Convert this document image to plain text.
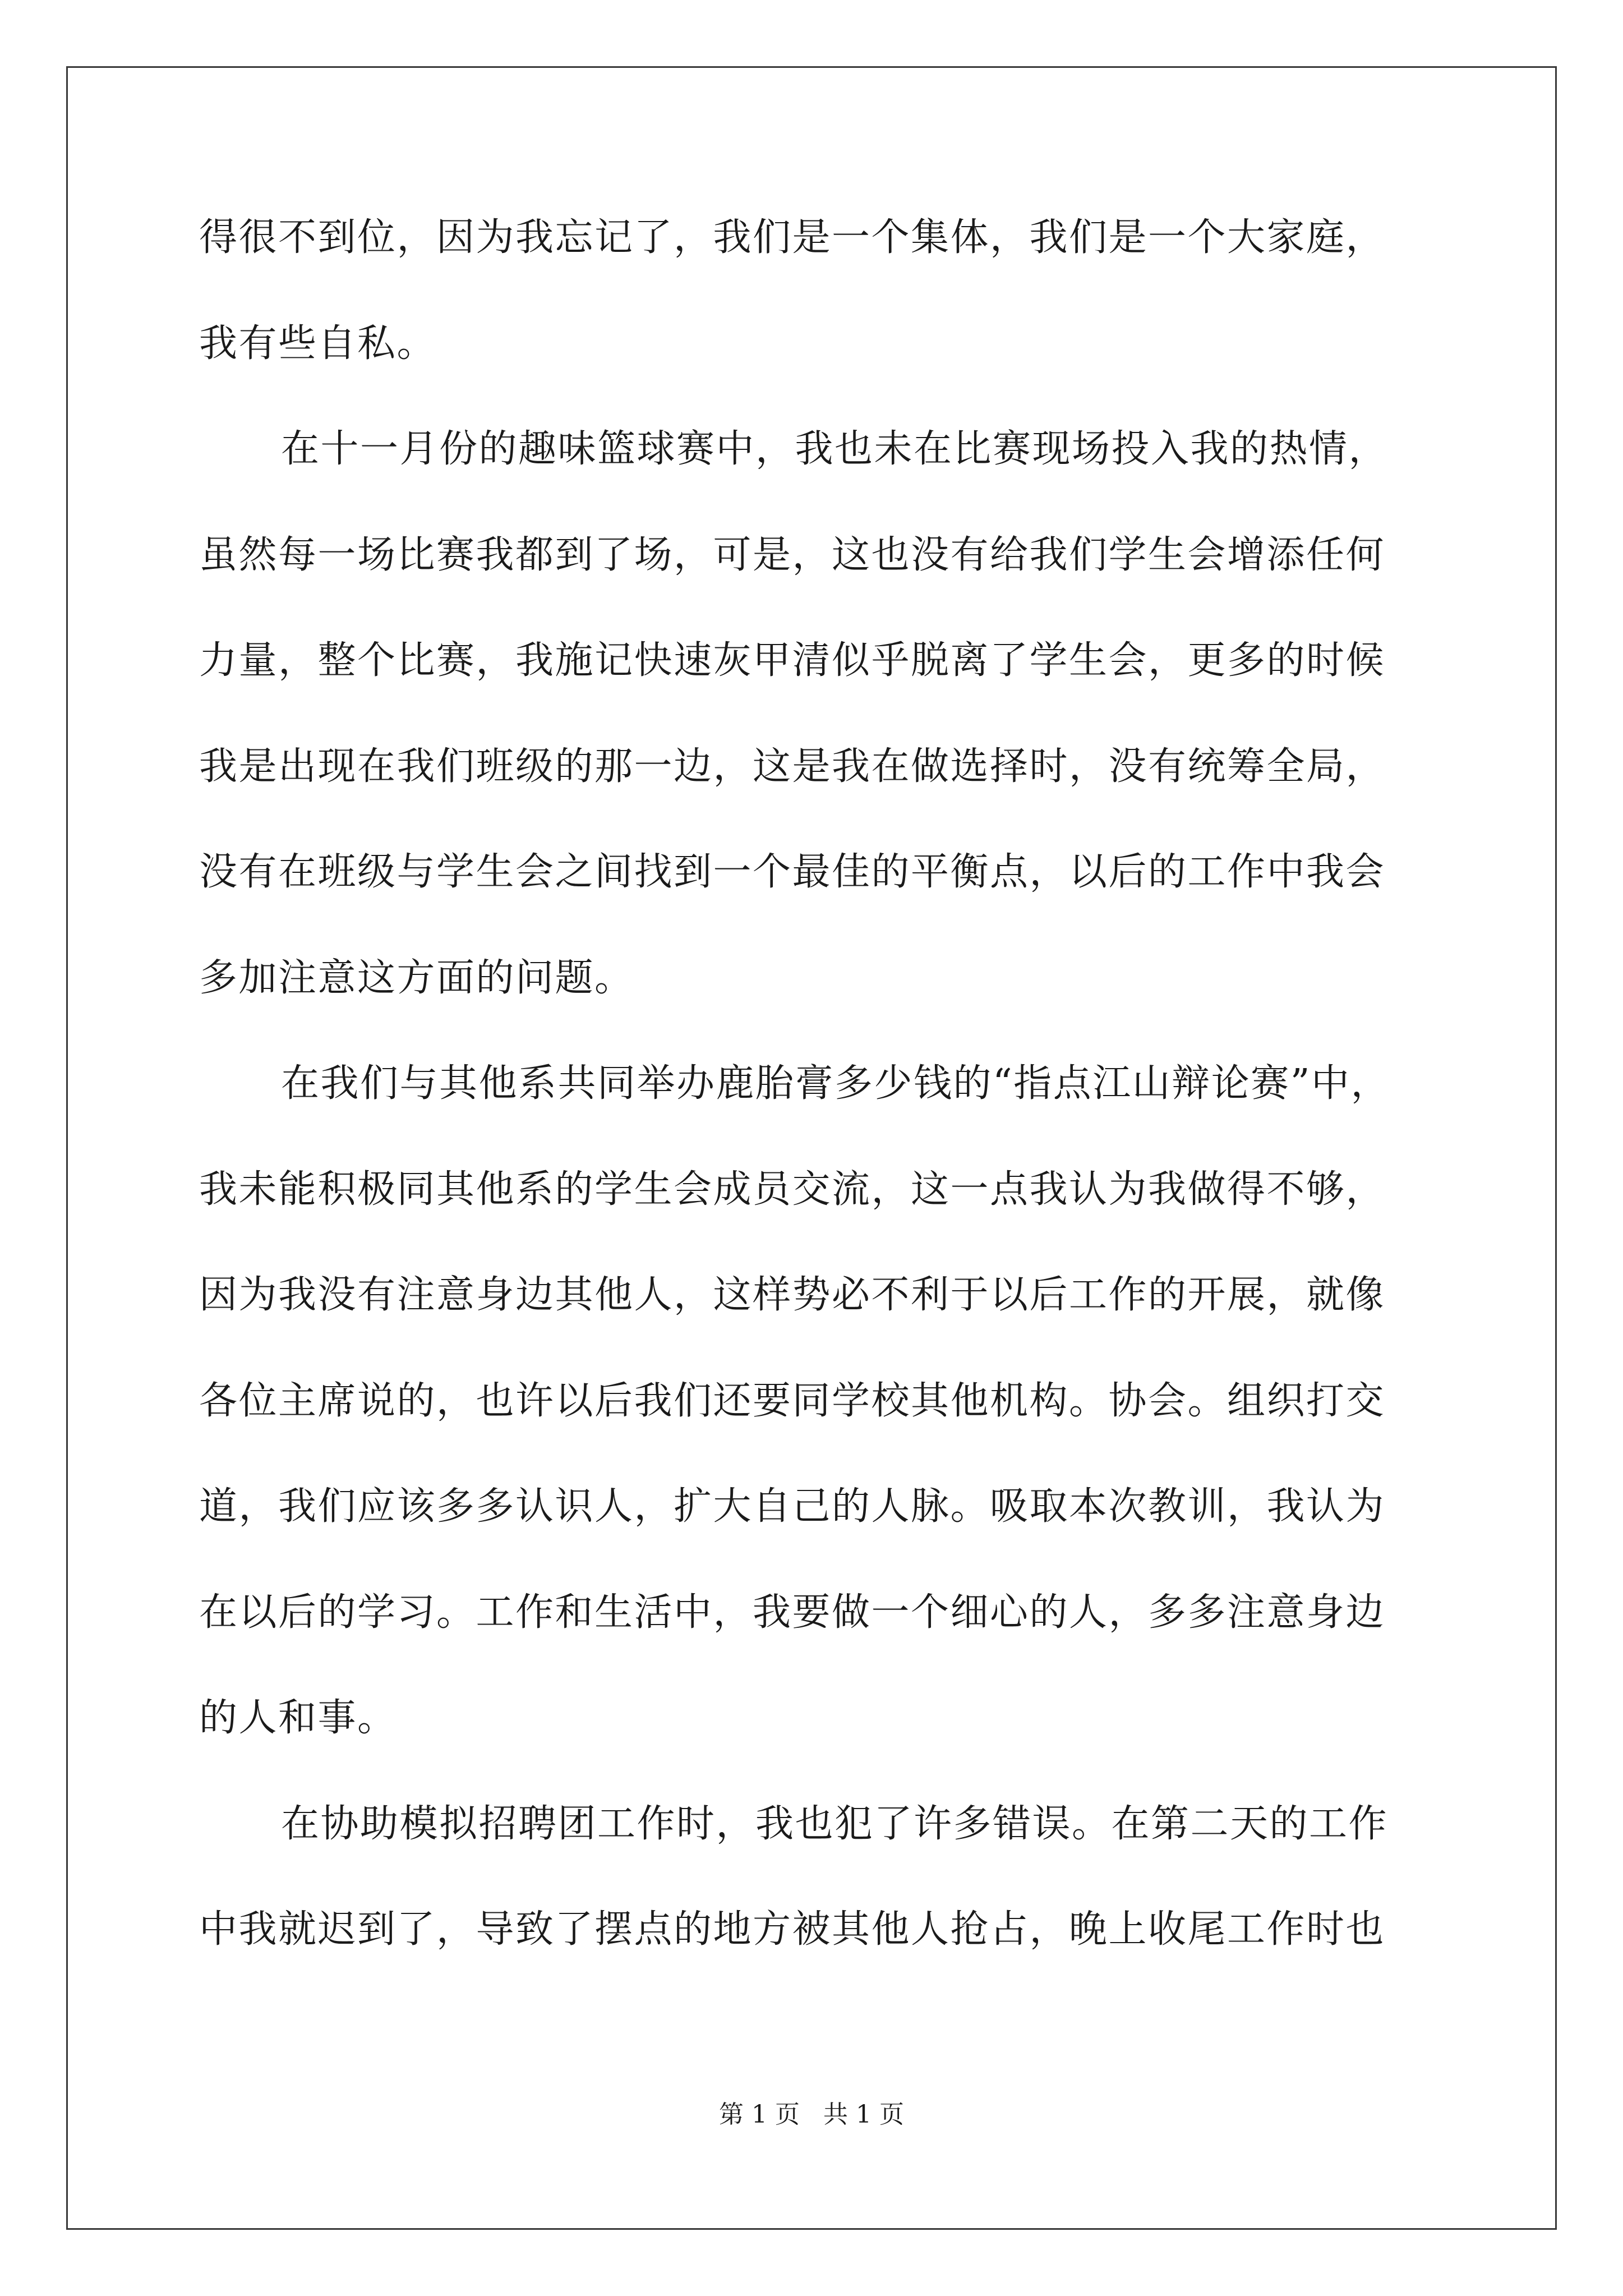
得很不到位，因为我忘记了，我们是一个集体，我们是一个大家庭，
我有些自私。
在十一月份的趣味篮球赛中，我也未在比赛现场投入我的热情，
虽然每一场比赛我都到了场，可是，这也没有给我们学生会增添任何
力量，整个比赛，我施记快速灰甲清似乎脱离了学生会，更多的时候
我是出现在我们班级的那一边，这是我在做选择时，没有统筹全局，
没有在班级与学生会之间找到一个最佳的平衡点，以后的工作中我会
多加注意这方面的问题。
在我们与其他系共同举办鹿胎膏多少钱的“指点江山辩论赛”中，
我未能积极同其他系的学生会成员交流，这一点我认为我做得不够，
因为我没有注意身边其他人，这样势必不利于以后工作的开展，就像
各位主席说的，也许以后我们还要同学校其他机构。协会。组织打交
道，我们应该多多认识人，扩大自己的人脉。吸取本次教训，我认为
在以后的学习。工作和生活中，我要做一个细心的人，多多注意身边
的人和事。
在协助模拟招聘团工作时，我也犯了许多错误。在第二天的工作
中我就迟到了，导致了摆点的地方被其他人抢占，晚上收尾工作时也
第 1 页   共 1 页
